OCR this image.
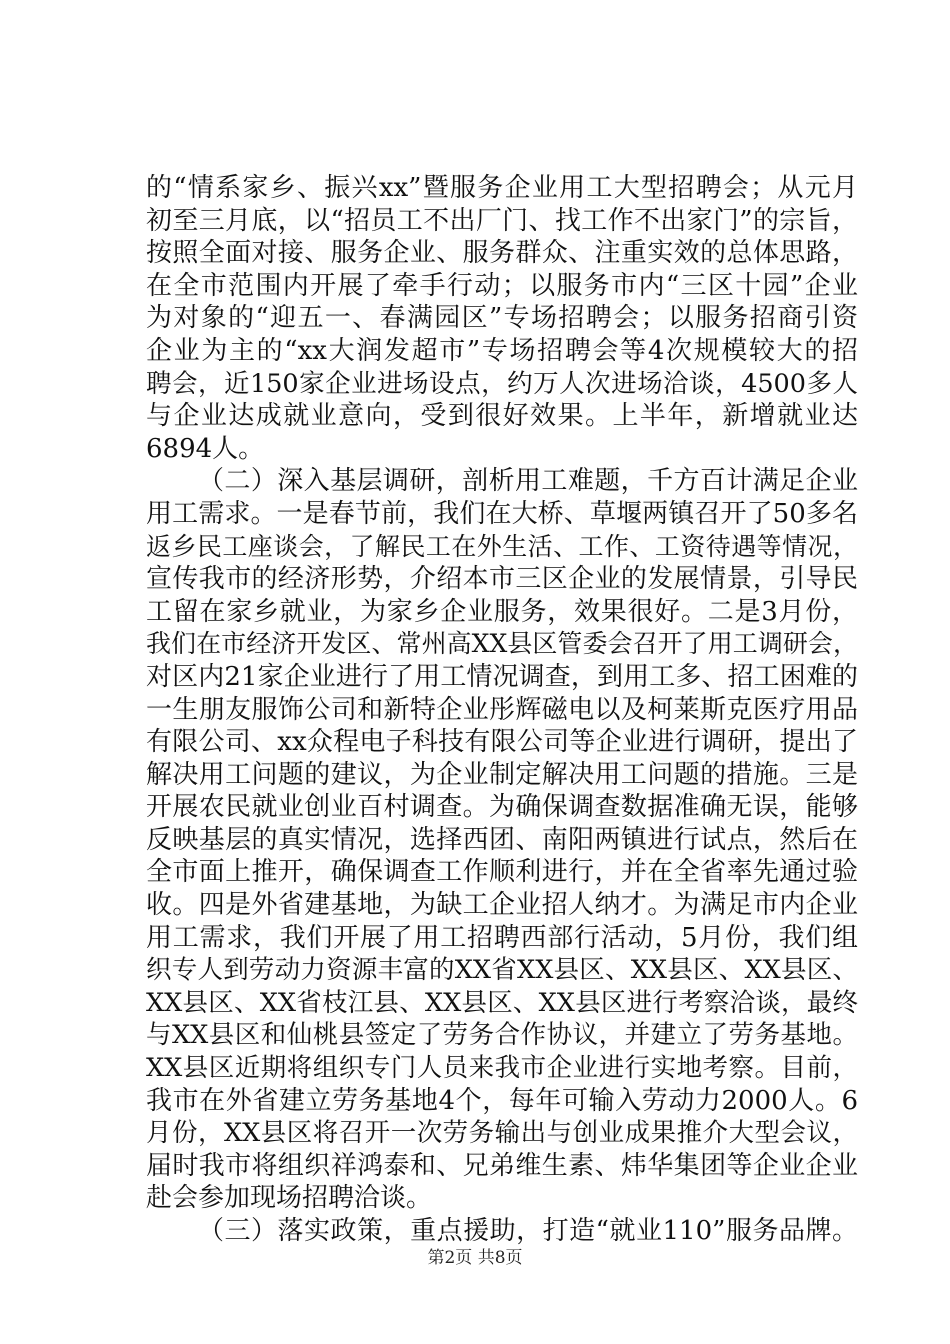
的“情系家乡、振兴xx”暨服务企业用工大型招聘会；从元月
初至三月底，以“招员工不出厂门、找工作不出家门”的宗旨，
按照全面对接、服务企业、服务群众、注重实效的总体思路，
在全市范围内开展了牵手行动；以服务市内“三区十园”企业
为对象的“迎五一、春满园区”专场招聘会；以服务招商引资
企业为主的“xx大润发超市”专场招聘会等4次规模较大的招
聘会，近150家企业进场设点，约万人次进场洽谈，4500多人
与企业达成就业意向，受到很好效果。上半年，新增就业达
6894人。
（二）深入基层调研，剖析用工难题，千方百计满足企业
用工需求。一是春节前，我们在大桥、草堰两镇召开了50多名
返乡民工座谈会，了解民工在外生活、工作、工资待遇等情况，
宣传我市的经济形势，介绍本市三区企业的发展情景，引导民
工留在家乡就业，为家乡企业服务，效果很好。二是3月份，
我们在市经济开发区、常州高XX县区管委会召开了用工调研会，
对区内21家企业进行了用工情况调查，到用工多、招工困难的
一生朋友服饰公司和新特企业彤辉磁电以及柯莱斯克医疗用品
有限公司、xx众程电子科技有限公司等企业进行调研，提出了
解决用工问题的建议，为企业制定解决用工问题的措施。三是
开展农民就业创业百村调查。为确保调查数据准确无误，能够
反映基层的真实情况，选择西团、南阳两镇进行试点，然后在
全市面上推开，确保调查工作顺利进行，并在全省率先通过验
收。四是外省建基地，为缺工企业招人纳才。为满足市内企业
用工需求，我们开展了用工招聘西部行活动，5月份，我们组
织专人到劳动力资源丰富的XX省XX县区、XX县区、XX县区、
XX县区、XX省枝江县、XX县区、XX县区进行考察洽谈，最终
与XX县区和仙桃县签定了劳务合作协议，并建立了劳务基地。
XX县区近期将组织专门人员来我市企业进行实地考察。目前，
我市在外省建立劳务基地4个，每年可输入劳动力2000人。6
月份，XX县区将召开一次劳务输出与创业成果推介大型会议，
届时我市将组织祥鸿泰和、兄弟维生素、炜华集团等企业企业
赴会参加现场招聘洽谈。
（三）落实政策，重点援助，打造“就业110”服务品牌。
第2页 共8页
